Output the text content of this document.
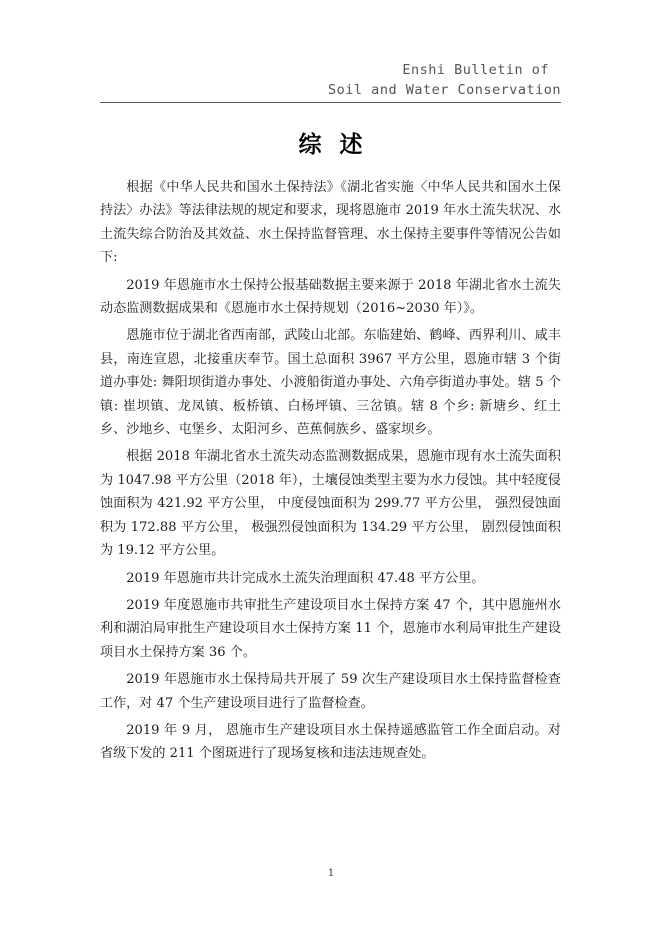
Enshi Bulletin of
Soil and Water Conservation
综述

根据《中华人民共和国水土保持法》《湖北省实施〈中华人民共和国水土保持法〉办法》等法律法规的规定和要求，现将恩施市 2019 年水土流失状况、水土流失综合防治及其效益、水土保持监督管理、水土保持主要事件等情况公告如下:

2019 年恩施市水土保持公报基础数据主要来源于 2018 年湖北省水土流失动态监测数据成果和《恩施市水土保持规划（2016~2030 年）》。

恩施市位于湖北省西南部，武陵山北部。东临建始、鹤峰、西界利川、咸丰县，南连宣恩，北接重庆奉节。国土总面积 3967 平方公里，恩施市辖 3 个街道办事处: 舞阳坝街道办事处、小渡船街道办事处、六角亭街道办事处。辖 5 个镇: 崔坝镇、龙凤镇、板桥镇、白杨坪镇、三岔镇。辖 8 个乡: 新塘乡、红土乡、沙地乡、屯堡乡、太阳河乡、芭蕉侗族乡、盛家坝乡。

根据 2018 年湖北省水土流失动态监测数据成果，恩施市现有水土流失面积为 1047.98 平方公里（2018 年），土壤侵蚀类型主要为水力侵蚀。其中轻度侵蚀面积为 421.92 平方公里， 中度侵蚀面积为 299.77 平方公里， 强烈侵蚀面积为 172.88 平方公里， 极强烈侵蚀面积为 134.29 平方公里， 剧烈侵蚀面积为 19.12 平方公里。

2019 年恩施市共计完成水土流失治理面积 47.48 平方公里。

2019 年度恩施市共审批生产建设项目水土保持方案 47 个，其中恩施州水利和湖泊局审批生产建设项目水土保持方案 11 个，恩施市水利局审批生产建设项目水土保持方案 36 个。

2019 年恩施市水土保持局共开展了 59 次生产建设项目水土保持监督检查工作，对 47 个生产建设项目进行了监督检查。

2019 年 9 月， 恩施市生产建设项目水土保持遥感监管工作全面启动。对省级下发的 211 个图斑进行了现场复核和违法违规查处。

1
